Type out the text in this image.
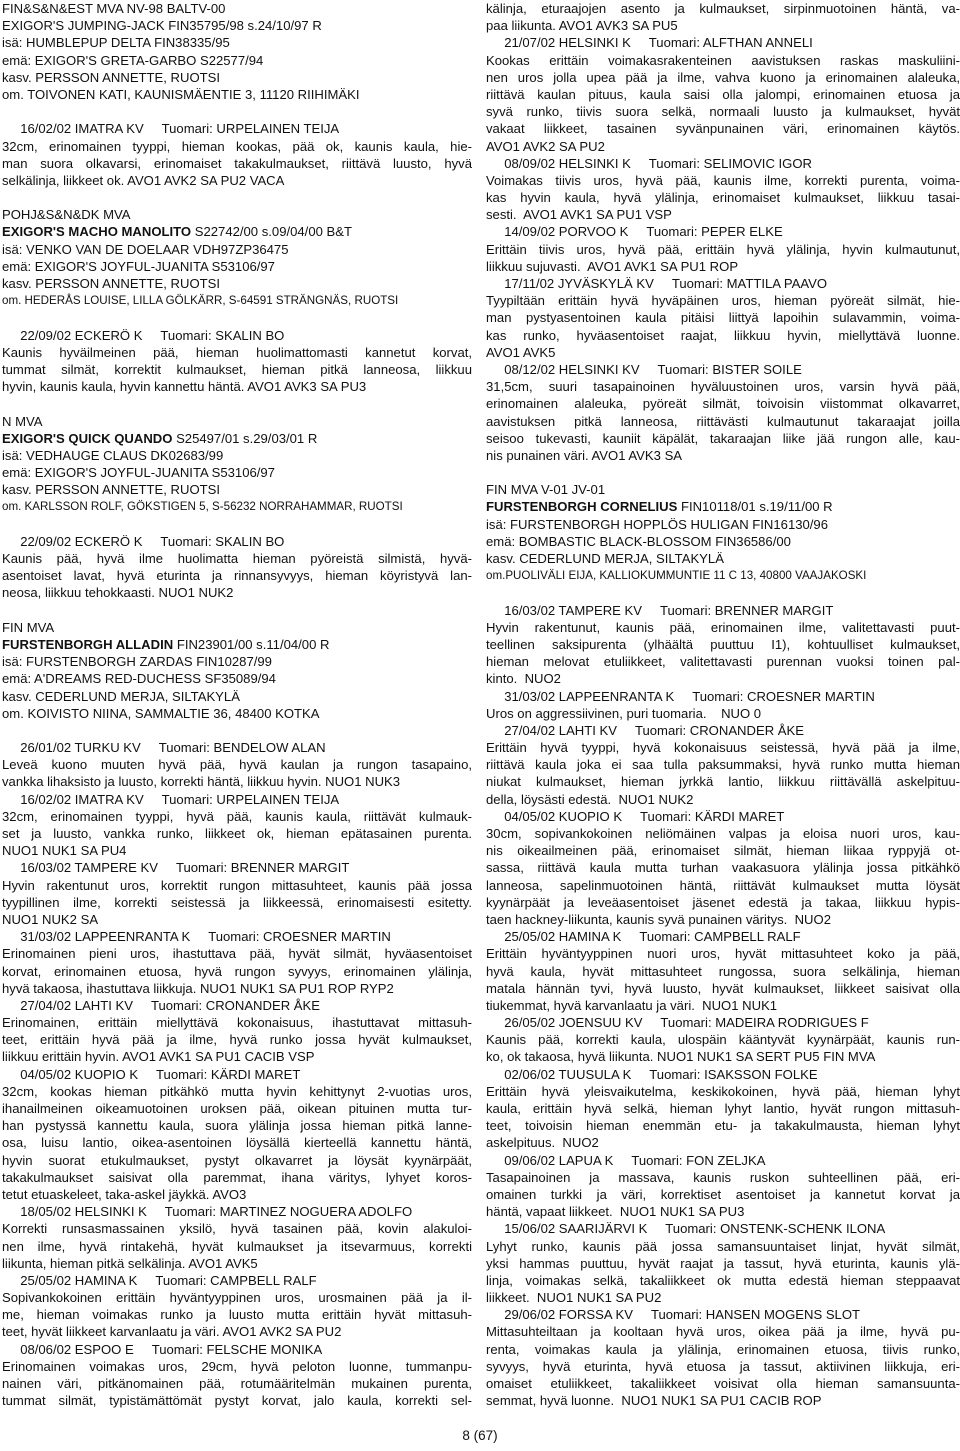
FIN&S&N&EST MVA NV-98 BALTV-00
EXIGOR'S JUMPING-JACK FIN35795/98 s.24/10/97 R
isä: HUMBLEPUP DELTA FIN38335/95
emä: EXIGOR'S GRETA-GARBO S22577/94
kasv. PERSSON ANNETTE, RUOTSI
om. TOIVONEN KATI, KAUNISMÄENTIE 3, 11120 RIIHIMÄKI

16/02/02 IMATRA KV     Tuomari: URPELAINEN TEIJA
32cm, erinomainen tyyppi, hieman kookas, pää ok, kaunis kaula, hie-
man suora olkavarsi, erinomaiset takakulmaukset, riittävä luusto, hyvä
selkälinja, liikkeet ok. AVO1 AVK2 SA PU2 VACA

POHJ&S&N&DK MVA
EXIGOR'S MACHO MANOLITO S22742/00 s.09/04/00 B&T
isä: VENKO VAN DE DOELAAR VDH97ZP36475
emä: EXIGOR'S JOYFUL-JUANITA S53106/97
kasv. PERSSON ANNETTE, RUOTSI
om. HEDERÅS LOUISE, LILLA GÖLKÄRR, S-64591 STRÄNGNÄS, RUOTSI

22/09/02 ECKERÖ K     Tuomari: SKALIN BO
Kaunis hyväilmeinen pää, hieman huolimattomasti kannetut korvat,
tummat silmät, korrektit kulmaukset, hieman pitkä lanneosa, liikkuu
hyvin, kaunis kaula, hyvin kannettu häntä. AVO1 AVK3 SA PU3

N MVA
EXIGOR'S QUICK QUANDO S25497/01 s.29/03/01 R
isä: VEDHAUGE CLAUS DK02683/99
emä: EXIGOR'S JOYFUL-JUANITA S53106/97
kasv. PERSSON ANNETTE, RUOTSI
om. KARLSSON ROLF, GÖKSTIGEN 5, S-56232 NORRAHAMMAR, RUOTSI

22/09/02 ECKERÖ K     Tuomari: SKALIN BO
Kaunis pää, hyvä ilme huolimatta hieman pyöreistä silmistä, hyvä-
asentoiset lavat, hyvä eturinta ja rinnansyvyys, hieman köyristyvä lan-
neosa, liikkuu tehokkaasti. NUO1 NUK2

FIN MVA
FURSTENBORGH ALLADIN FIN23901/00 s.11/04/00 R
isä: FURSTENBORGH ZARDAS FIN10287/99
emä: A'DREAMS RED-DUCHESS SF35089/94
kasv. CEDERLUND MERJA, SILTAKYLÄ
om. KOIVISTO NIINA, SAMMALTIE 36, 48400 KOTKA

26/01/02 TURKU KV     Tuomari: BENDELOW ALAN
Leveä kuono muuten hyvä pää, hyvä kaulan ja rungon tasapaino,
vankka lihaksisto ja luusto, korrekti häntä, liikkuu hyvin. NUO1 NUK3
16/02/02 IMATRA KV     Tuomari: URPELAINEN TEIJA
32cm, erinomainen tyyppi, hyvä pää, kaunis kaula, riittävät kulmauk-
set ja luusto, vankka runko, liikkeet ok, hieman epätasainen purenta.
NUO1 NUK1 SA PU4
16/03/02 TAMPERE KV     Tuomari: BRENNER MARGIT
Hyvin rakentunut uros, korrektit rungon mittasuhteet, kaunis pää jossa
tyypillinen ilme, korrekti seistessä ja liikkeessä, erinomaisesti esitetty.
NUO1 NUK2 SA
31/03/02 LAPPEENRANTA K     Tuomari: CROESNER MARTIN
Erinomainen pieni uros, ihastuttava pää, hyvät silmät, hyväasentoiset
korvat, erinomainen etuosa, hyvä rungon syvyys, erinomainen ylälinja,
hyvä takaosa, ihastuttava liikkuja. NUO1 NUK1 SA PU1 ROP RYP2
27/04/02 LAHTI KV     Tuomari: CRONANDER ÅKE
Erinomainen, erittäin miellyttävä kokonaisuus, ihastuttavat mittasuh-
teet, erittäin hyvä pää ja ilme, hyvä runko jossa hyvät kulmaukset,
liikkuu erittäin hyvin. AVO1 AVK1 SA PU1 CACIB VSP
04/05/02 KUOPIO K     Tuomari: KÄRDI MARET
32cm, kookas hieman pitkähkö mutta hyvin kehittynyt 2-vuotias uros,
ihanailmeinen oikeamuotoinen uroksen pää, oikean pituinen mutta tur-
han pystyssä kannettu kaula, suora ylälinja jossa hieman pitkä lanne-
osa, luisu lantio, oikea-asentoinen löysällä kierteellä kannettu häntä,
hyvin suorat etukulmaukset, pystyt olkavarret ja löysät kyynärpäät,
takakulmaukset saisivat olla paremmat, ihana väritys, lyhyet koros-
tetut etuaskeleet, taka-askel jäykkä. AVO3
18/05/02 HELSINKI K     Tuomari: MARTINEZ NOGUERA ADOLFO
Korrekti runsasmassainen yksilö, hyvä tasainen pää, kovin alakuloi-
nen ilme, hyvä rintakehä, hyvät kulmaukset ja itsevarmuus, korrekti
liikunta, hieman pitkä selkälinja. AVO1 AVK5
25/05/02 HAMINA K     Tuomari: CAMPBELL RALF
Sopivankokoinen erittäin hyväntyyppinen uros, urosmainen pää ja il-
me, hieman voimakas runko ja luusto mutta erittäin hyvät mittasuh-
teet, hyvät liikkeet karvanlaatu ja väri. AVO1 AVK2 SA PU2
08/06/02 ESPOO E     Tuomari: FELSCHE MONIKA
Erinomainen voimakas uros, 29cm, hyvä peloton luonne, tummanpu-
nainen väri, pitkänomainen pää, rotumääritelmän mukainen purenta,
tummat silmät, typistämättömät pystyt korvat, jalo kaula, korrekti sel-
kälinja, eturaajojen asento ja kulmaukset, sirpinmuotoinen häntä, va-
paa liikunta. AVO1 AVK3 SA PU5
21/07/02 HELSINKI K     Tuomari: ALFTHAN ANNELI
Kookas erittäin voimakasrakenteinen aavistuksen raskas maskuliini-
nen uros jolla upea pää ja ilme, vahva kuono ja erinomainen alaleuka,
riittävä kaulan pituus, kaula saisi olla jalompi, erinomainen etuosa ja
syvä runko, tiivis suora selkä, normaali luusto ja kulmaukset, hyvät
vakaat liikkeet, tasainen syvänpunainen väri, erinomainen käytös.
AVO1 AVK2 SA PU2
08/09/02 HELSINKI K     Tuomari: SELIMOVIC IGOR
Voimakas tiivis uros, hyvä pää, kaunis ilme, korrekti purenta, voima-
kas hyvin kaula, hyvä ylälinja, erinomaiset kulmaukset, liikkuu tasai-
sesti.  AVO1 AVK1 SA PU1 VSP
14/09/02 PORVOO K     Tuomari: PEPER ELKE
Erittäin tiivis uros, hyvä pää, erittäin hyvä ylälinja, hyvin kulmautunut,
liikkuu sujuvasti.  AVO1 AVK1 SA PU1 ROP
17/11/02 JYVÄSKYLÄ KV     Tuomari: MATTILA PAAVO
Tyypiltään erittäin hyvä hyväpäinen uros, hieman pyöreät silmät, hie-
man pystyasentoinen kaula pitäisi liittyä lapoihin sulavammin, voima-
kas runko, hyväasentoiset raajat, liikkuu hyvin, miellyttävä luonne.
AVO1 AVK5
08/12/02 HELSINKI KV     Tuomari: BISTER SOILE
31,5cm, suuri tasapainoinen hyväluustoinen uros, varsin hyvä pää,
erinomainen alaleuka, pyöreät silmät, toivoisin viistommat olkavarret,
aavistuksen pitkä lanneosa, riittävästi kulmautunut takaraajat joilla
seisoo tukevasti, kauniit käpälät, takaraajan liike jää rungon alle, kau-
nis punainen väri. AVO1 AVK3 SA

FIN MVA V-01 JV-01
FURSTENBORGH CORNELIUS FIN10118/01 s.19/11/00 R
isä: FURSTENBORGH HOPPLÖS HULIGAN FIN16130/96
emä: BOMBASTIC BLACK-BLOSSOM FIN36586/00
kasv. CEDERLUND MERJA, SILTAKYLÄ
om.PUOLIVÄLI EIJA, KALLIOKUMMUNTIE 11 C 13, 40800 VAAJAKOSKI

16/03/02 TAMPERE KV     Tuomari: BRENNER MARGIT
Hyvin rakentunut, kaunis pää, erinomainen ilme, valitettavasti puut-
teellinen saksipurenta (ylhäältä puuttuu I1), kohtuulliset kulmaukset,
hieman melovat etuliikkeet, valitettavasti purennan vuoksi toinen pal-
kinto.  NUO2
31/03/02 LAPPEENRANTA K     Tuomari: CROESNER MARTIN
Uros on aggressiivinen, puri tuomaria.    NUO 0
27/04/02 LAHTI KV     Tuomari: CRONANDER ÅKE
Erittäin hyvä tyyppi, hyvä kokonaisuus seistessä, hyvä pää ja ilme,
riittävä kaula joka ei saa tulla paksummaksi, hyvä runko mutta hieman
niukat kulmaukset, hieman jyrkkä lantio, liikkuu riittävällä askelpituu-
della, löysästi edestä.  NUO1 NUK2
04/05/02 KUOPIO K     Tuomari: KÄRDI MARET
30cm, sopivankokoinen neliömäinen valpas ja eloisa nuori uros, kau-
nis oikeailmeinen pää, erinomaiset silmät, hieman liikaa ryppyjä ot-
sassa, riittävä kaula mutta turhan vaakasuora ylälinja jossa pitkähkö
lanneosa, sapelinmuotoinen häntä, riittävät kulmaukset mutta löysät
kyynärpäät ja leveäasentoiset jäsenet edestä ja takaa, liikkuu hypis-
taen hackney-liikunta, kaunis syvä punainen väritys.  NUO2
25/05/02 HAMINA K     Tuomari: CAMPBELL RALF
Erittäin hyväntyyppinen nuori uros, hyvät mittasuhteet koko ja pää,
hyvä kaula, hyvät mittasuhteet rungossa, suora selkälinja, hieman
matala hännän tyvi, hyvä luusto, hyvät kulmaukset, liikkeet saisivat olla
tiukemmat, hyvä karvanlaatu ja väri.  NUO1 NUK1
26/05/02 JOENSUU KV     Tuomari: MADEIRA RODRIGUES F
Kaunis pää, korrekti kaula, ulospäin kääntyvät kyynärpäät, kaunis run-
ko, ok takaosa, hyvä liikunta. NUO1 NUK1 SA SERT PU5 FIN MVA
02/06/02 TUUSULA K     Tuomari: ISAKSSON FOLKE
Erittäin hyvä yleisvaikutelma, keskikokoinen, hyvä pää, hieman lyhyt
kaula, erittäin hyvä selkä, hieman lyhyt lantio, hyvät rungon mittasuh-
teet, toivoisin hieman enemmän etu- ja takakulmausta, hieman lyhyt
askelpituus.  NUO2
09/06/02 LAPUA K     Tuomari: FON ZELJKA
Tasapainoinen ja massava, kaunis ruskon suhteellinen pää, eri-
omainen turkki ja väri, korrektiset asentoiset ja kannetut korvat ja
häntä, vapaat liikkeet.  NUO1 NUK1 SA PU3
15/06/02 SAARIJÄRVI K     Tuomari: ONSTENK-SCHENK ILONA
Lyhyt runko, kaunis pää jossa samansuuntaiset linjat, hyvät silmät,
yksi hammas puuttuu, hyvät raajat ja tassut, hyvä eturinta, kaunis ylä-
linja, voimakas selkä, takaliikkeet ok mutta edestä hieman steppaavat
liikkeet.  NUO1 NUK1 SA PU2
29/06/02 FORSSA KV     Tuomari: HANSEN MOGENS SLOT
Mittasuhteiltaan ja kooltaan hyvä uros, oikea pää ja ilme, hyvä pu-
renta, voimakas kaula ja ylälinja, erinomainen etuosa, tiivis runko,
syvyys, hyvä eturinta, hyvä etuosa ja tassut, aktiivinen liikkuja, eri-
omaiset etuliikkeet, takaliikkeet voisivat olla hieman samansuunta-
semmat, hyvä luonne.  NUO1 NUK1 SA PU1 CACIB ROP
8 (67)
